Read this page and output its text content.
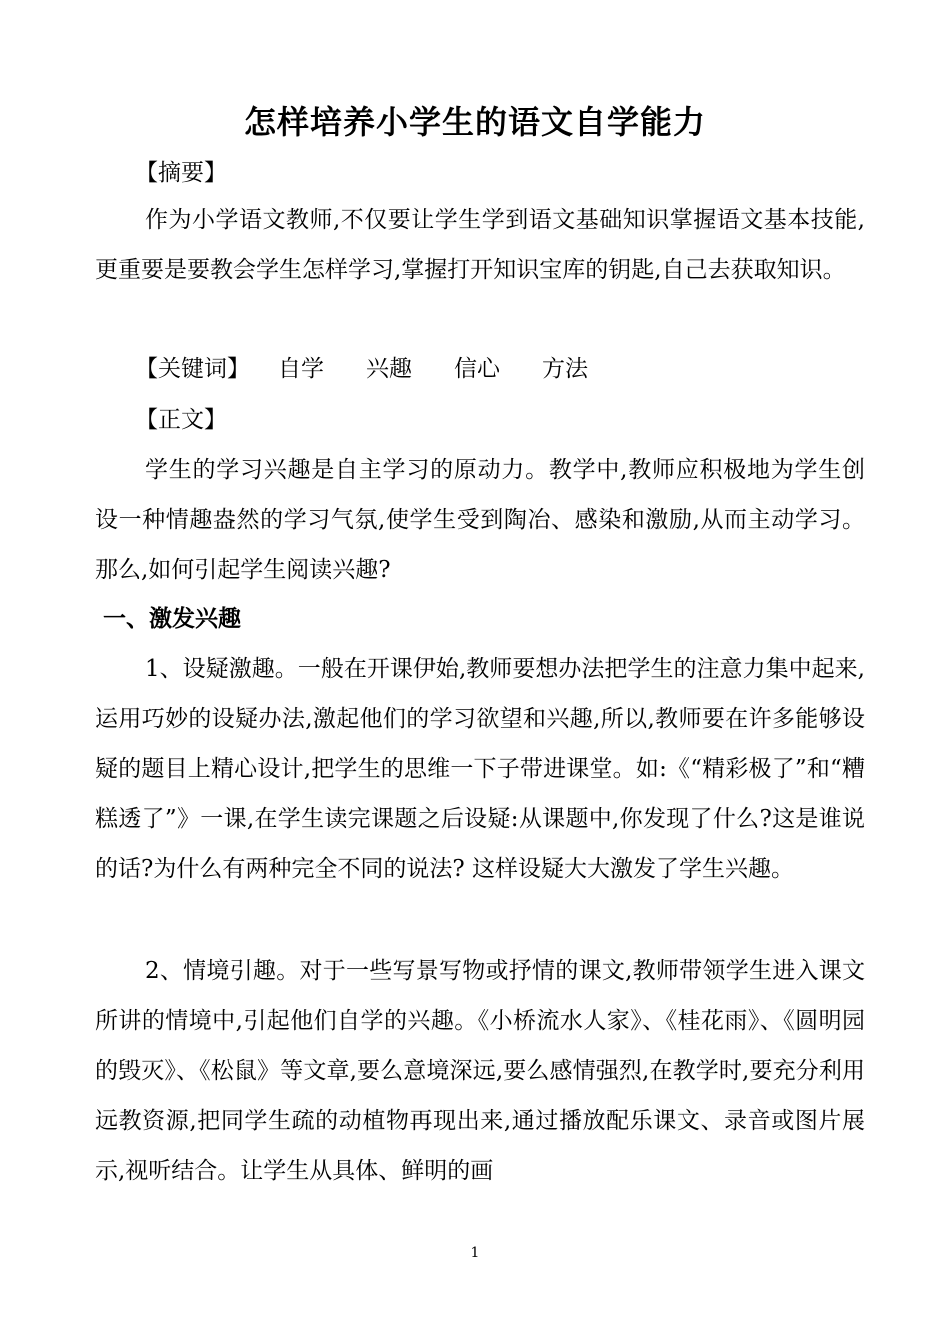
怎样培养小学生的语文自学能力
【摘要】
作为小学语文教师,不仅要让学生学到语文基础知识掌握语文基本技能,更重要是要教会学生怎样学习,掌握打开知识宝库的钥匙,自己去获取知识。
【关键词】 自学 兴趣 信心 方法
【正文】
学生的学习兴趣是自主学习的原动力。教学中,教师应积极地为学生创设一种情趣盎然的学习气氛,使学生受到陶冶、感染和激励,从而主动学习。那么,如何引起学生阅读兴趣?
一、激发兴趣
1、设疑激趣。一般在开课伊始,教师要想办法把学生的注意力集中起来,运用巧妙的设疑办法,激起他们的学习欲望和兴趣,所以,教师要在许多能够设疑的题目上精心设计,把学生的思维一下子带进课堂。如:《“精彩极了”和“糟糕透了”》一课,在学生读完课题之后设疑:从课题中,你发现了什么?这是谁说的话?为什么有两种完全不同的说法? 这样设疑大大激发了学生兴趣。
2、情境引趣。对于一些写景写物或抒情的课文,教师带领学生进入课文所讲的情境中,引起他们自学的兴趣。《小桥流水人家》、《桂花雨》、《圆明园的毁灭》、《松鼠》等文章,要么意境深远,要么感情强烈,在教学时,要充分利用远教资源,把同学生疏的动植物再现出来,通过播放配乐课文、录音或图片展示,视听结合。让学生从具体、鲜明的画
1
